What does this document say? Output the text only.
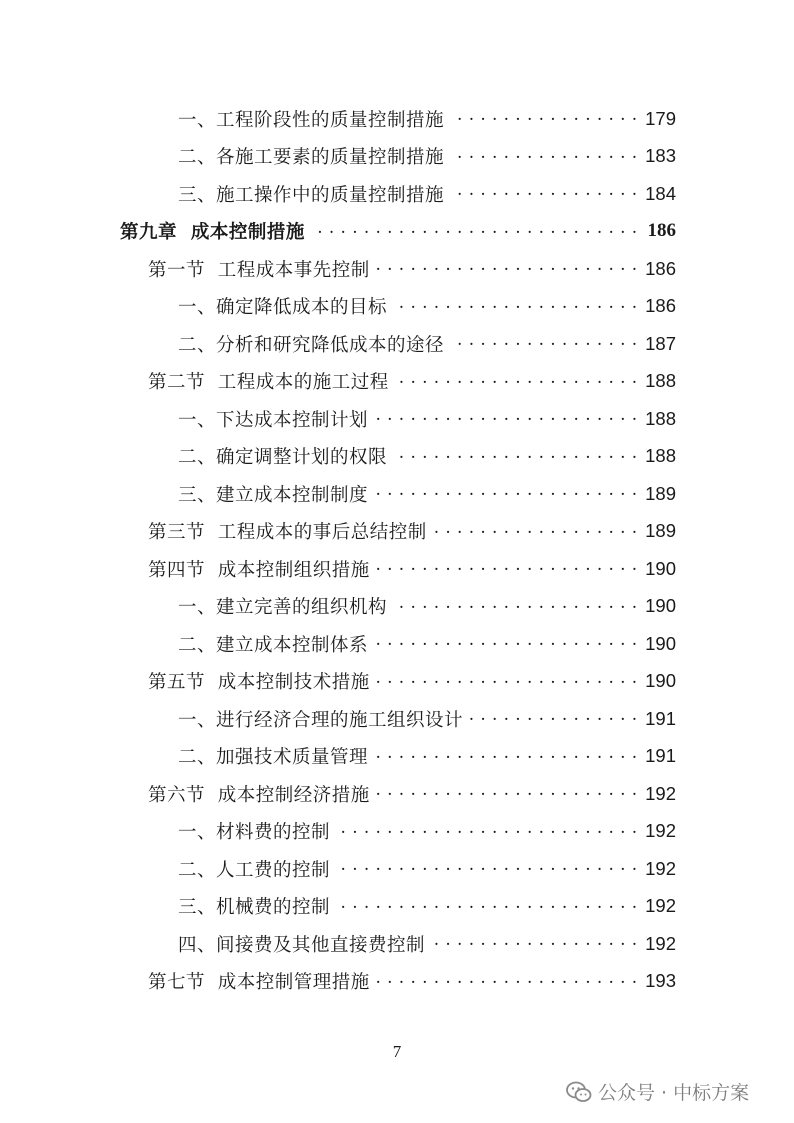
一、工程阶段性的质量控制措施 . . .	179
二、各施工要素的质量控制措施 . . .	183
三、施工操作中的质量控制措施 . . .	184
第九章  成本控制措施 . . .	186
第一节  工程成本事先控制 . . .	186
一、确定降低成本的目标 . . .	186
二、分析和研究降低成本的途径 . . .	187
第二节  工程成本的施工过程 . . .	188
一、下达成本控制计划 . . .	188
二、确定调整计划的权限 . . .	188
三、建立成本控制制度 . . .	189
第三节  工程成本的事后总结控制 . . .	189
第四节  成本控制组织措施 . . .	190
一、建立完善的组织机构 . . .	190
二、建立成本控制体系 . . .	190
第五节  成本控制技术措施 . . .	190
一、进行经济合理的施工组织设计 . . .	191
二、加强技术质量管理 . . .	191
第六节  成本控制经济措施 . . .	192
一、材料费的控制 . . .	192
二、人工费的控制 . . .	192
三、机械费的控制 . . .	192
四、间接费及其他直接费控制 . . .	192
第七节  成本控制管理措施 . . .	193
7
公众号 · 中标方案
